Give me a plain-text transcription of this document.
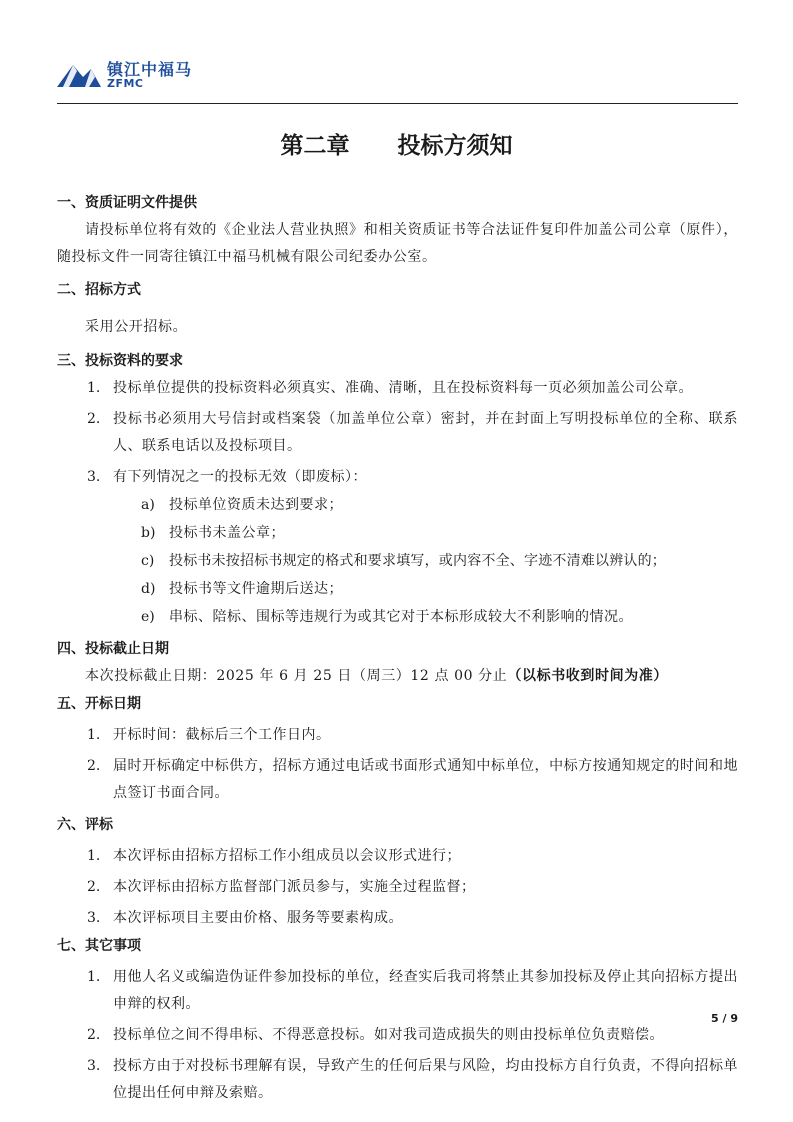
镇江中福马
ZFMC
第二章      投标方须知
一、资质证明文件提供
请投标单位将有效的《企业法人营业执照》和相关资质证书等合法证件复印件加盖公司公章（原件），随投标文件一同寄往镇江中福马机械有限公司纪委办公室。
二、招标方式
采用公开招标。
三、投标资料的要求
1. 投标单位提供的投标资料必须真实、准确、清晰，且在投标资料每一页必须加盖公司公章。
2. 投标书必须用大号信封或档案袋（加盖单位公章）密封，并在封面上写明投标单位的全称、联系人、联系电话以及投标项目。
3. 有下列情况之一的投标无效（即废标）：
a)	投标单位资质未达到要求；
b) 投标书未盖公章；
c)	投标书未按招标书规定的格式和要求填写，或内容不全、字迹不清难以辨认的；
d) 投标书等文件逾期后送达；
e)	串标、陪标、围标等违规行为或其它对于本标形成较大不利影响的情况。
四、投标截止日期
本次投标截止日期：2025 年 6 月 25 日（周三）12 点 00 分止（以标书收到时间为准）
五、开标日期
1. 开标时间：截标后三个工作日内。
2. 届时开标确定中标供方，招标方通过电话或书面形式通知中标单位，中标方按通知规定的时间和地点签订书面合同。
六、评标
1. 本次评标由招标方招标工作小组成员以会议形式进行；
2. 本次评标由招标方监督部门派员参与，实施全过程监督；
3. 本次评标项目主要由价格、服务等要素构成。
七、其它事项
1. 用他人名义或编造伪证件参加投标的单位，经查实后我司将禁止其参加投标及停止其向招标方提出申辩的权利。
2. 投标单位之间不得串标、不得恶意投标。如对我司造成损失的则由投标单位负责赔偿。
3. 投标方由于对投标书理解有误，导致产生的任何后果与风险，均由投标方自行负责，不得向招标单位提出任何申辩及索赔。
5 / 9
